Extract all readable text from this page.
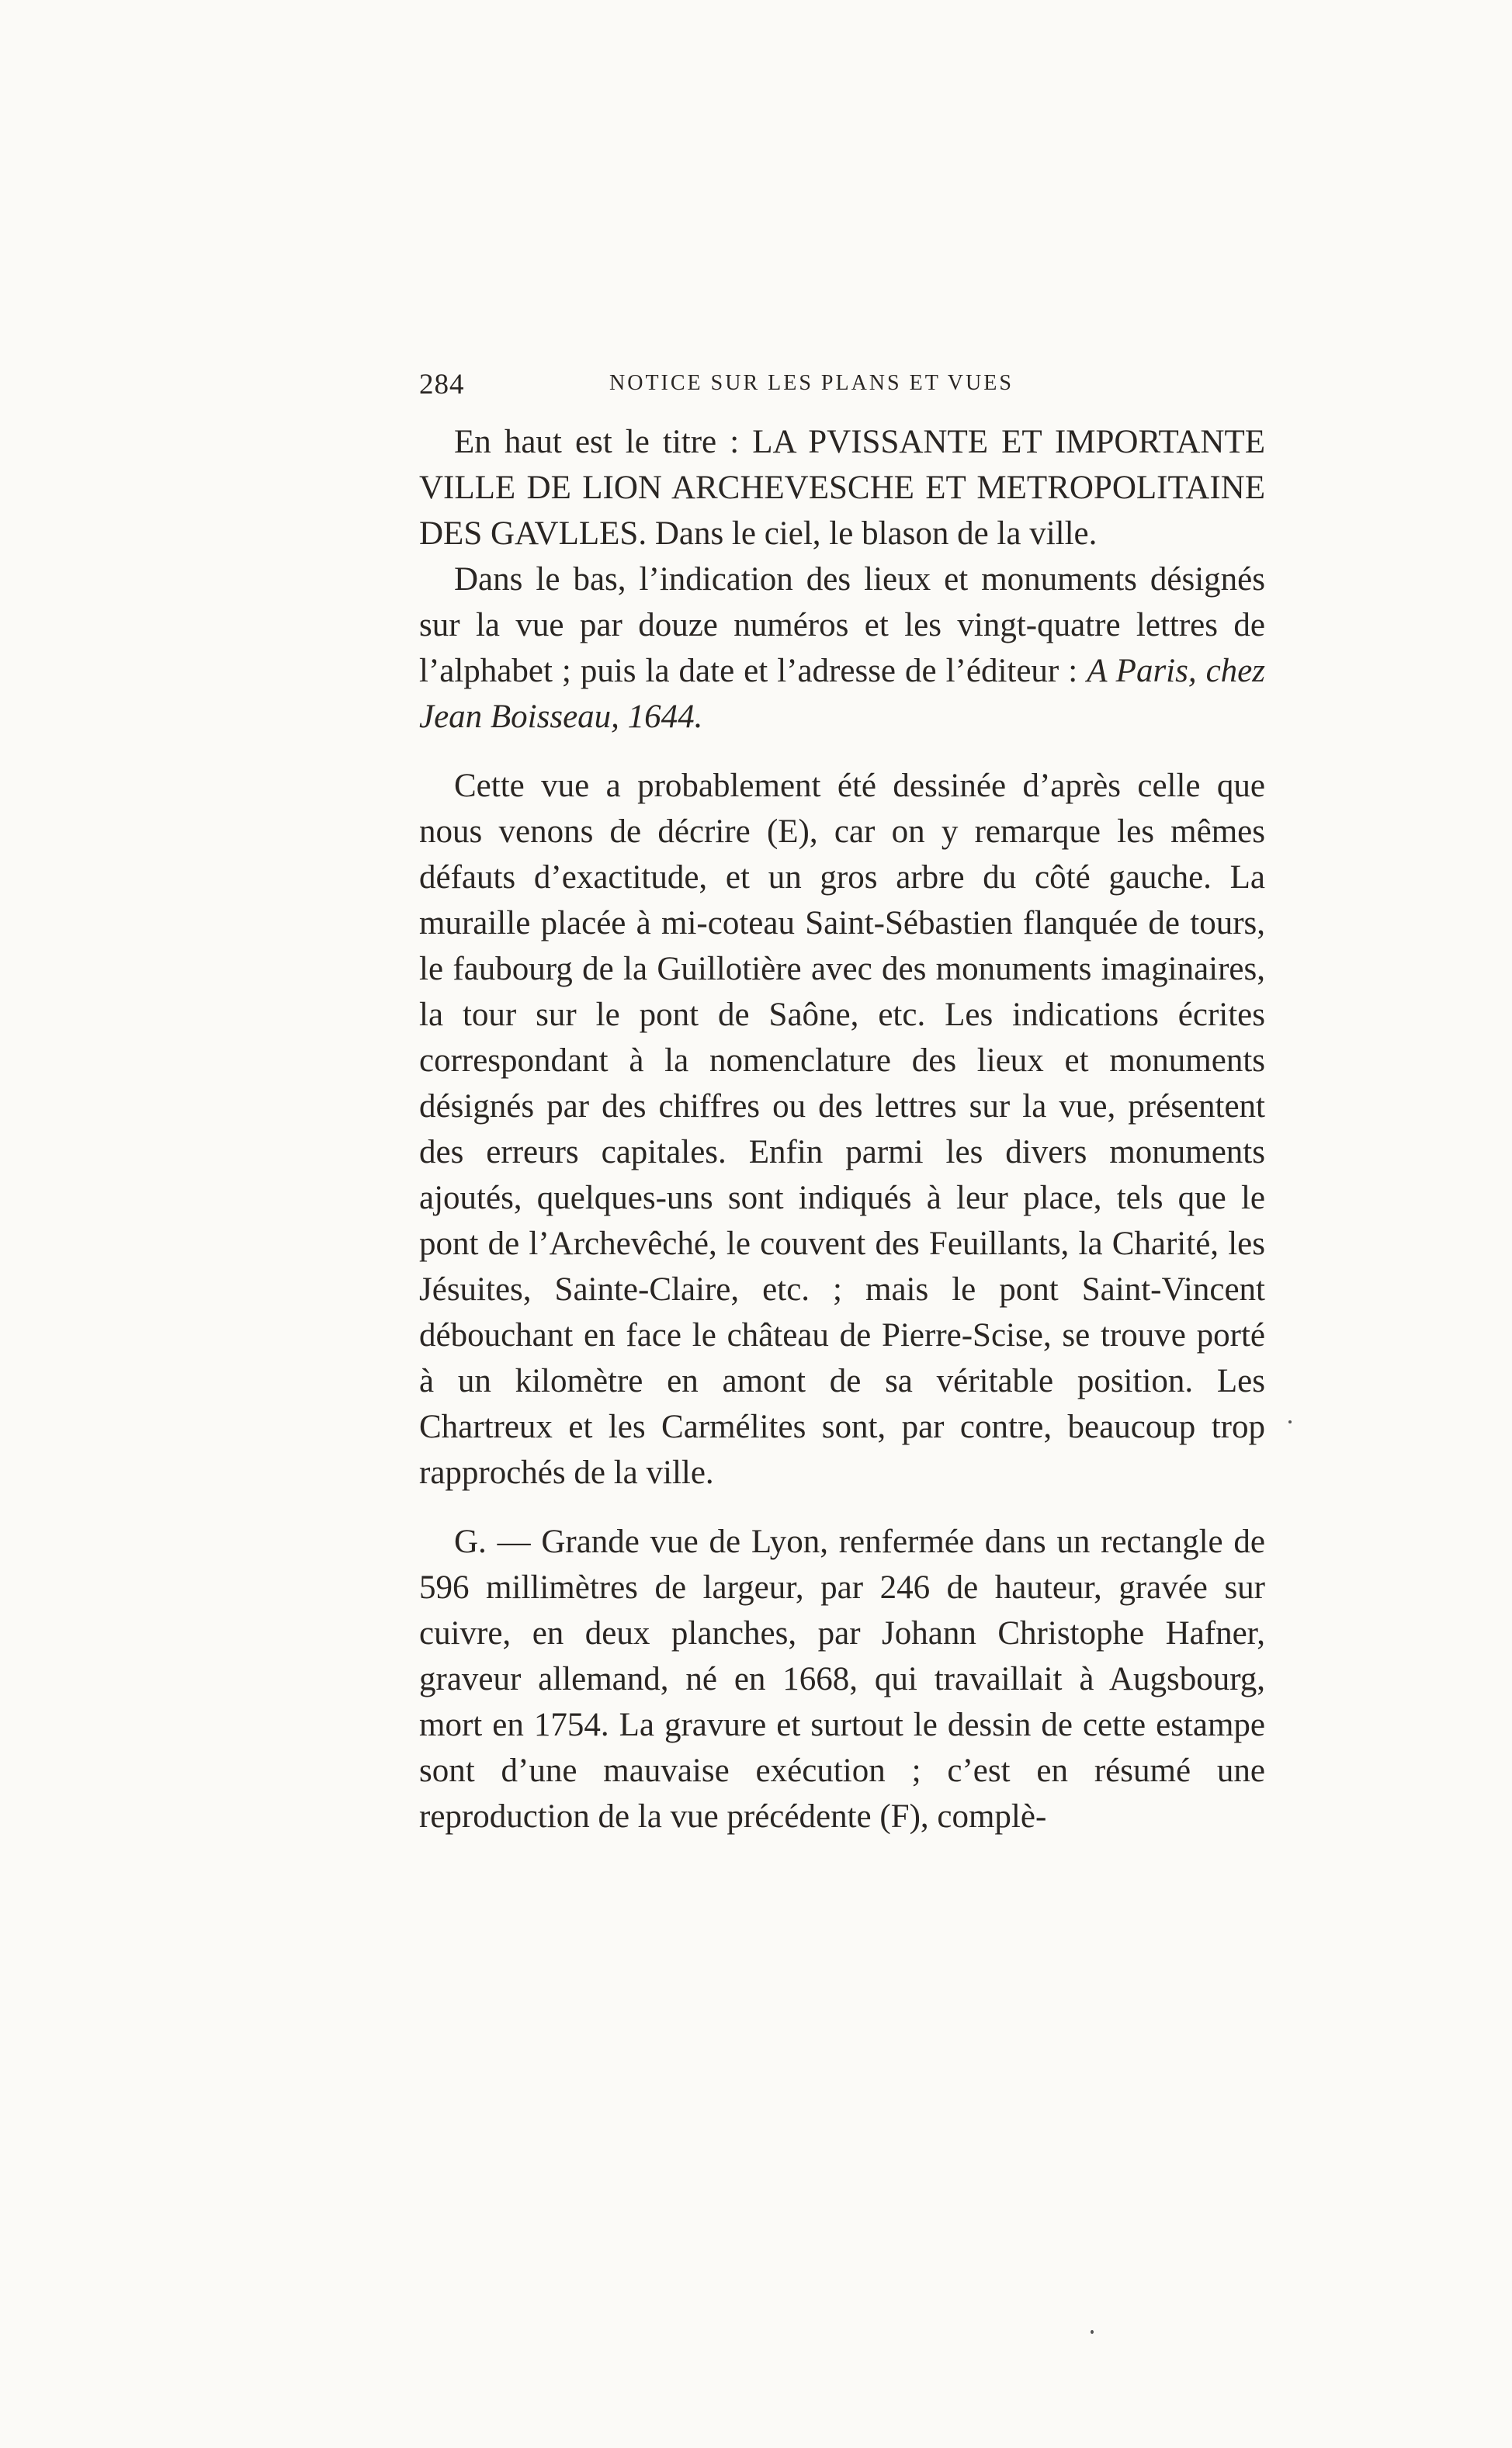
284	NOTICE SUR LES PLANS ET VUES

En haut est le titre : LA PVISSANTE ET IMPORTANTE VILLE DE LION ARCHEVESCHE ET METROPOLITAINE DES GAVLLES. Dans le ciel, le blason de la ville.

Dans le bas, l’indication des lieux et monuments désignés sur la vue par douze numéros et les vingt-quatre lettres de l’alphabet ; puis la date et l’adresse de l’éditeur : A Paris, chez Jean Boisseau, 1644.

Cette vue a probablement été dessinée d’après celle que nous venons de décrire (E), car on y remarque les mêmes défauts d’exactitude, et un gros arbre du côté gauche. La muraille placée à mi-coteau Saint-Sébastien flanquée de tours, le faubourg de la Guillotière avec des monuments imaginaires, la tour sur le pont de Saône, etc. Les indications écrites correspondant à la nomenclature des lieux et monuments désignés par des chiffres ou des lettres sur la vue, présentent des erreurs capitales. Enfin parmi les divers monuments ajoutés, quelques-uns sont indiqués à leur place, tels que le pont de l’Archevêché, le couvent des Feuillants, la Charité, les Jésuites, Sainte-Claire, etc. ; mais le pont Saint-Vincent débouchant en face le château de Pierre-Scise, se trouve porté à un kilomètre en amont de sa véritable position. Les Chartreux et les Carmélites sont, par contre, beaucoup trop rapprochés de la ville.

G. — Grande vue de Lyon, renfermée dans un rectangle de 596 millimètres de largeur, par 246 de hauteur, gravée sur cuivre, en deux planches, par Johann Christophe Hafner, graveur allemand, né en 1668, qui travaillait à Augsbourg, mort en 1754. La gravure et surtout le dessin de cette estampe sont d’une mauvaise exécution ; c’est en résumé une reproduction de la vue précédente (F), complè-
